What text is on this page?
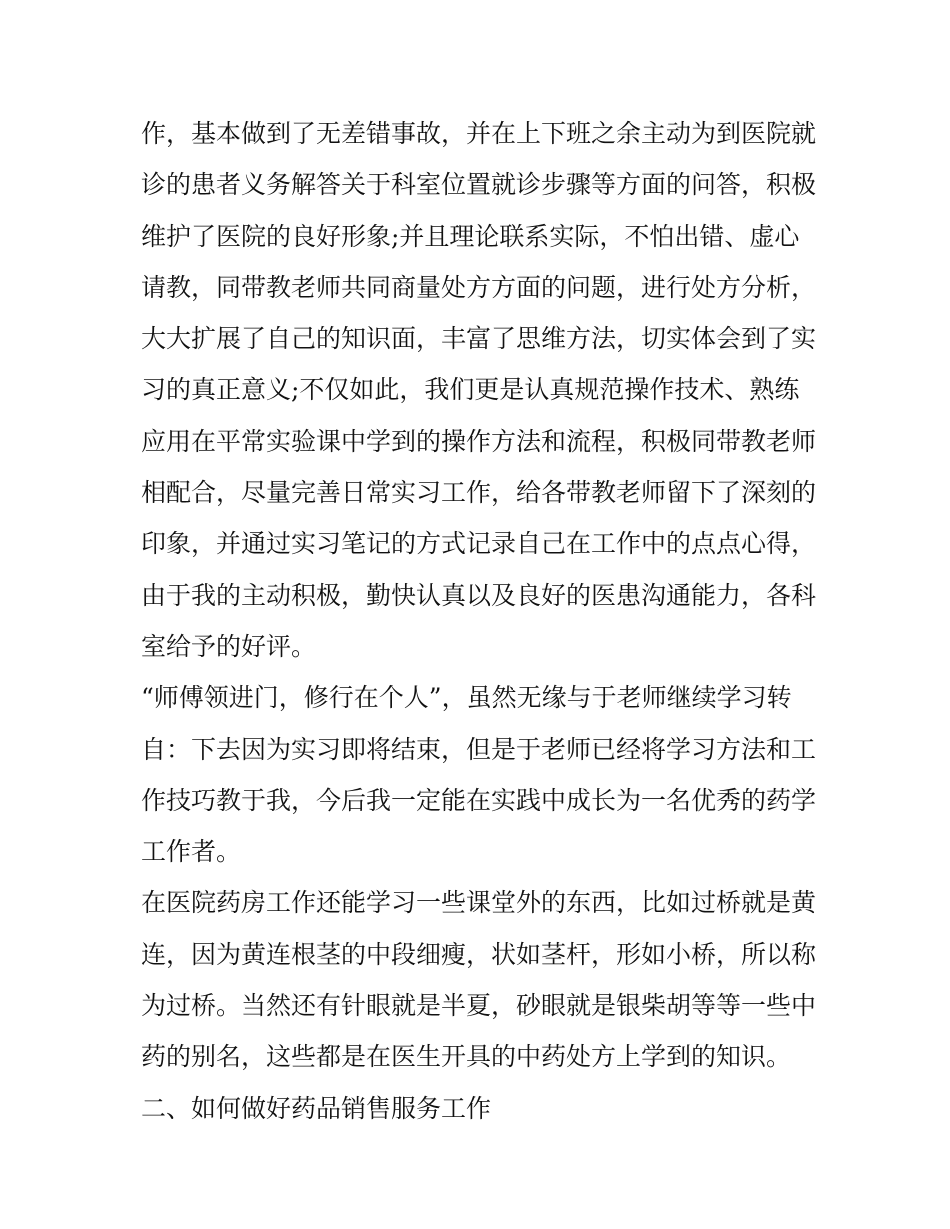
作，基本做到了无差错事故，并在上下班之余主动为到医院就
诊的患者义务解答关于科室位置就诊步骤等方面的问答，积极
维护了医院的良好形象;并且理论联系实际，不怕出错、虚心
请教，同带教老师共同商量处方方面的问题，进行处方分析，
大大扩展了自己的知识面，丰富了思维方法，切实体会到了实
习的真正意义;不仅如此，我们更是认真规范操作技术、熟练
应用在平常实验课中学到的操作方法和流程，积极同带教老师
相配合，尽量完善日常实习工作，给各带教老师留下了深刻的
印象，并通过实习笔记的方式记录自己在工作中的点点心得，
由于我的主动积极，勤快认真以及良好的医患沟通能力，各科
室给予的好评。
“师傅领进门，修行在个人”，虽然无缘与于老师继续学习转
自：下去因为实习即将结束，但是于老师已经将学习方法和工
作技巧教于我，今后我一定能在实践中成长为一名优秀的药学
工作者。
在医院药房工作还能学习一些课堂外的东西，比如过桥就是黄
连，因为黄连根茎的中段细瘦，状如茎杆，形如小桥，所以称
为过桥。当然还有针眼就是半夏，砂眼就是银柴胡等等一些中
药的别名，这些都是在医生开具的中药处方上学到的知识。
二、如何做好药品销售服务工作
